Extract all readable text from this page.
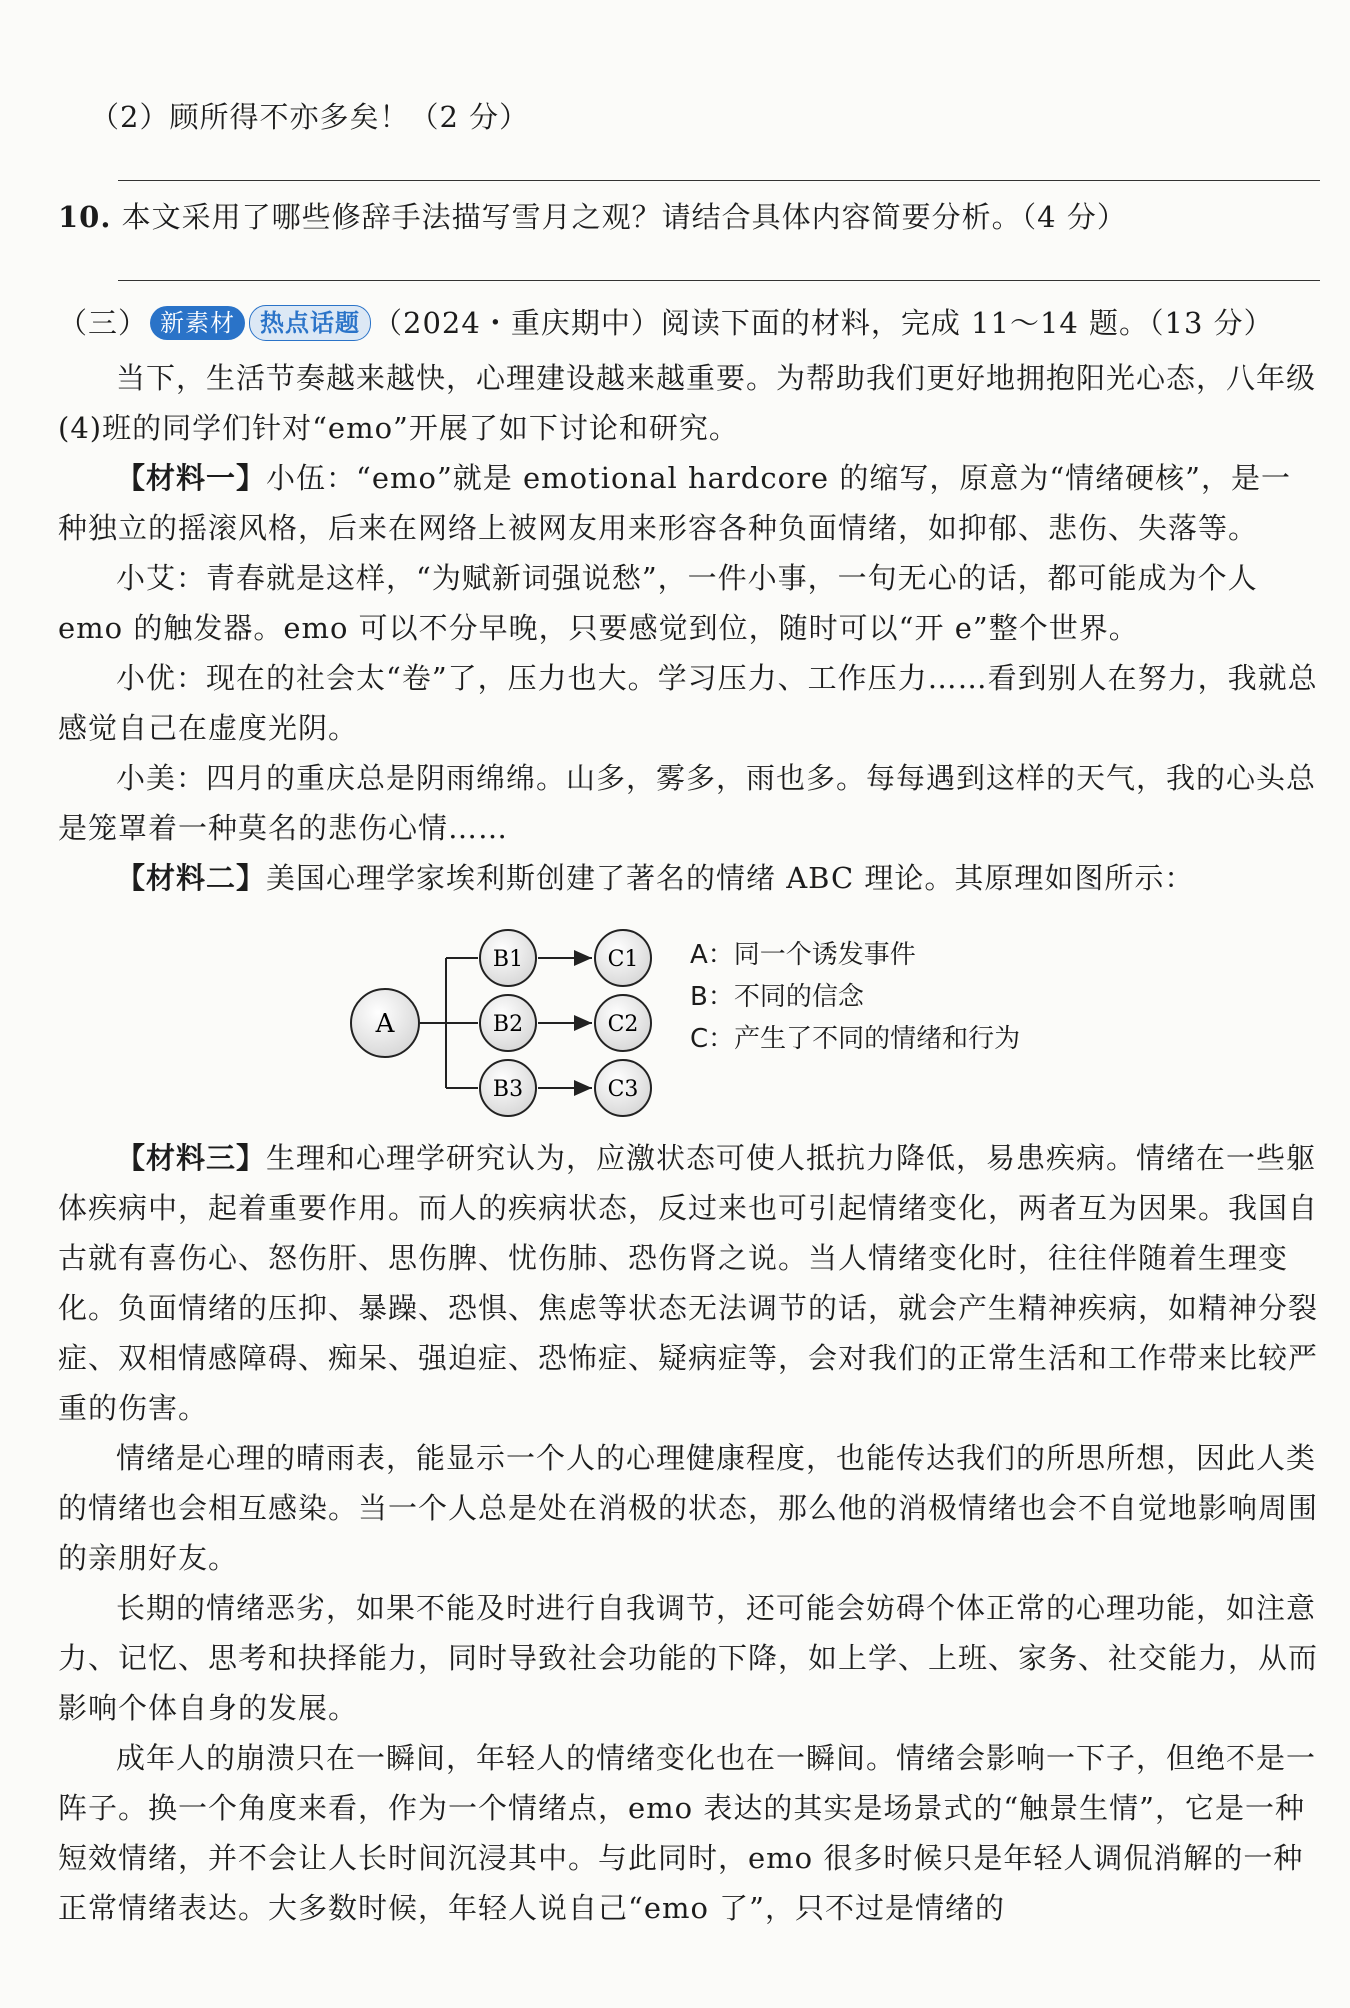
（2）顾所得不亦多矣！（2 分）

10. 本文采用了哪些修辞手法描写雪月之观？请结合具体内容简要分析。（4 分）

（三） 新素材 热点话题 （2024・重庆期中）阅读下面的材料，完成 11～14 题。（13 分）

当下，生活节奏越来越快，心理建设越来越重要。为帮助我们更好地拥抱阳光心态，八年级(4)班的同学们针对“emo”开展了如下讨论和研究。

【材料一】小伍：“emo”就是 emotional hardcore 的缩写，原意为“情绪硬核”，是一种独立的摇滚风格，后来在网络上被网友用来形容各种负面情绪，如抑郁、悲伤、失落等。

小艾：青春就是这样，“为赋新词强说愁”，一件小事，一句无心的话，都可能成为个人 emo 的触发器。emo 可以不分早晚，只要感觉到位，随时可以“开 e”整个世界。

小优：现在的社会太“卷”了，压力也大。学习压力、工作压力……看到别人在努力，我就总感觉自己在虚度光阴。

小美：四月的重庆总是阴雨绵绵。山多，雾多，雨也多。每每遇到这样的天气，我的心头总是笼罩着一种莫名的悲伤心情……

【材料二】美国心理学家埃利斯创建了著名的情绪 ABC 理论。其原理如图所示：

A
B1
B2
B3
C1
C2
C3
A：同一个诱发事件
B：不同的信念
C：产生了不同的情绪和行为

【材料三】生理和心理学研究认为，应激状态可使人抵抗力降低，易患疾病。情绪在一些躯体疾病中，起着重要作用。而人的疾病状态，反过来也可引起情绪变化，两者互为因果。我国自古就有喜伤心、怒伤肝、思伤脾、忧伤肺、恐伤肾之说。当人情绪变化时，往往伴随着生理变化。负面情绪的压抑、暴躁、恐惧、焦虑等状态无法调节的话，就会产生精神疾病，如精神分裂症、双相情感障碍、痴呆、强迫症、恐怖症、疑病症等，会对我们的正常生活和工作带来比较严重的伤害。

情绪是心理的晴雨表，能显示一个人的心理健康程度，也能传达我们的所思所想，因此人类的情绪也会相互感染。当一个人总是处在消极的状态，那么他的消极情绪也会不自觉地影响周围的亲朋好友。

长期的情绪恶劣，如果不能及时进行自我调节，还可能会妨碍个体正常的心理功能，如注意力、记忆、思考和抉择能力，同时导致社会功能的下降，如上学、上班、家务、社交能力，从而影响个体自身的发展。

成年人的崩溃只在一瞬间，年轻人的情绪变化也在一瞬间。情绪会影响一下子，但绝不是一阵子。换一个角度来看，作为一个情绪点，emo 表达的其实是场景式的“触景生情”，它是一种短效情绪，并不会让人长时间沉浸其中。与此同时，emo 很多时候只是年轻人调侃消解的一种正常情绪表达。大多数时候，年轻人说自己“emo 了”，只不过是情绪的
